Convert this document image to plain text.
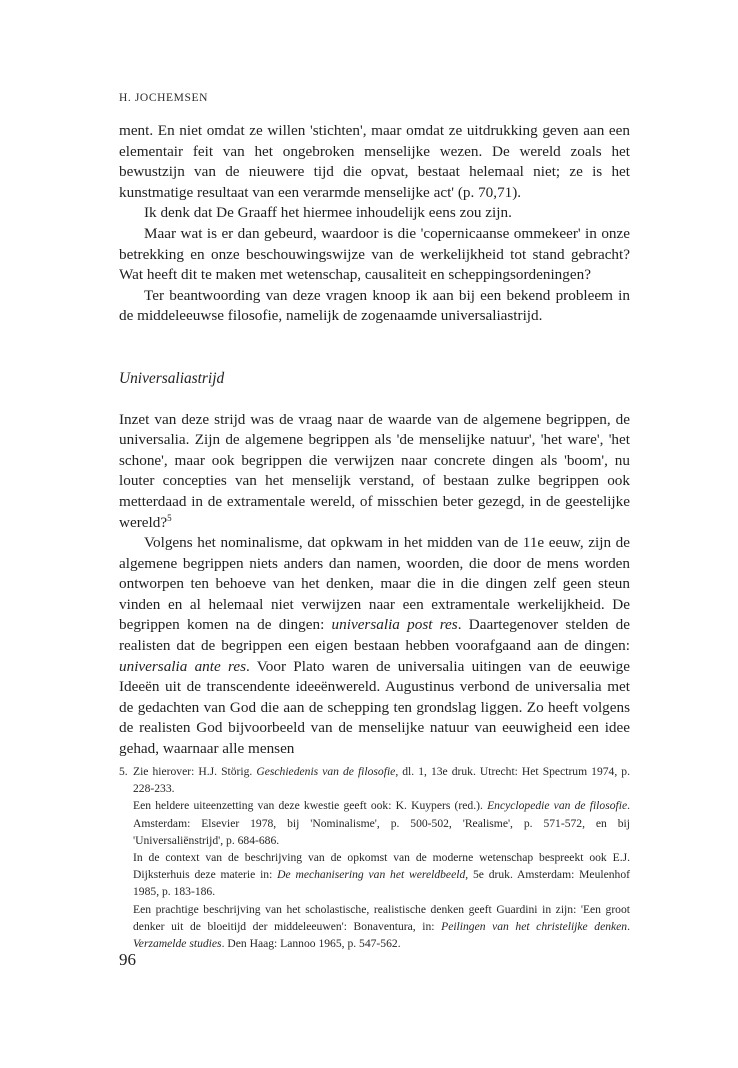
H. JOCHEMSEN

ment. En niet omdat ze willen 'stichten', maar omdat ze uitdrukking geven aan een elementair feit van het ongebroken menselijke wezen. De wereld zoals het bewustzijn van de nieuwere tijd die opvat, bestaat helemaal niet; ze is het kunstmatige resultaat van een verarmde menselijke act' (p. 70,71).

Ik denk dat De Graaff het hiermee inhoudelijk eens zou zijn.

Maar wat is er dan gebeurd, waardoor is die 'copernicaanse ommekeer' in onze betrekking en onze beschouwingswijze van de werkelijkheid tot stand gebracht? Wat heeft dit te maken met wetenschap, causaliteit en scheppingsordeningen?

Ter beantwoording van deze vragen knoop ik aan bij een bekend probleem in de middeleeuwse filosofie, namelijk de zogenaamde universaliastrijd.

Universaliastrijd

Inzet van deze strijd was de vraag naar de waarde van de algemene begrippen, de universalia. Zijn de algemene begrippen als 'de menselijke natuur', 'het ware', 'het schone', maar ook begrippen die verwijzen naar concrete dingen als 'boom', nu louter concepties van het menselijk verstand, of bestaan zulke begrippen ook metterdaad in de extramentale wereld, of misschien beter gezegd, in de geestelijke wereld?$^5$

Volgens het nominalisme, dat opkwam in het midden van de 11e eeuw, zijn de algemene begrippen niets anders dan namen, woorden, die door de mens worden ontworpen ten behoeve van het denken, maar die in die dingen zelf geen steun vinden en al helemaal niet verwijzen naar een extramentale werkelijkheid. De begrippen komen na de dingen: universalia post res. Daartegenover stelden de realisten dat de begrippen een eigen bestaan hebben voorafgaand aan de dingen: universalia ante res. Voor Plato waren de universalia uitingen van de eeuwige Ideeën uit de transcendente ideeënwereld. Augustinus verbond de universalia met de gedachten van God die aan de schepping ten grondslag liggen. Zo heeft volgens de realisten God bijvoorbeeld van de menselijke natuur van eeuwigheid een idee gehad, waarnaar alle mensen

5. Zie hierover: H.J. Störig. Geschiedenis van de filosofie, dl. 1, 13e druk. Utrecht: Het Spectrum 1974, p. 228-233.

Een heldere uiteenzetting van deze kwestie geeft ook: K. Kuypers (red.). Encyclopedie van de filosofie. Amsterdam: Elsevier 1978, bij 'Nominalisme', p. 500-502, 'Realisme', p. 571-572, en bij 'Universaliënstrijd', p. 684-686.

In de context van de beschrijving van de opkomst van de moderne wetenschap bespreekt ook E.J. Dijksterhuis deze materie in: De mechanisering van het wereldbeeld, 5e druk. Amsterdam: Meulenhof 1985, p. 183-186.

Een prachtige beschrijving van het scholastische, realistische denken geeft Guardini in zijn: 'Een groot denker uit de bloeitijd der middeleeuwen': Bonaventura, in: Peilingen van het christelijke denken. Verzamelde studies. Den Haag: Lannoo 1965, p. 547-562.

96
